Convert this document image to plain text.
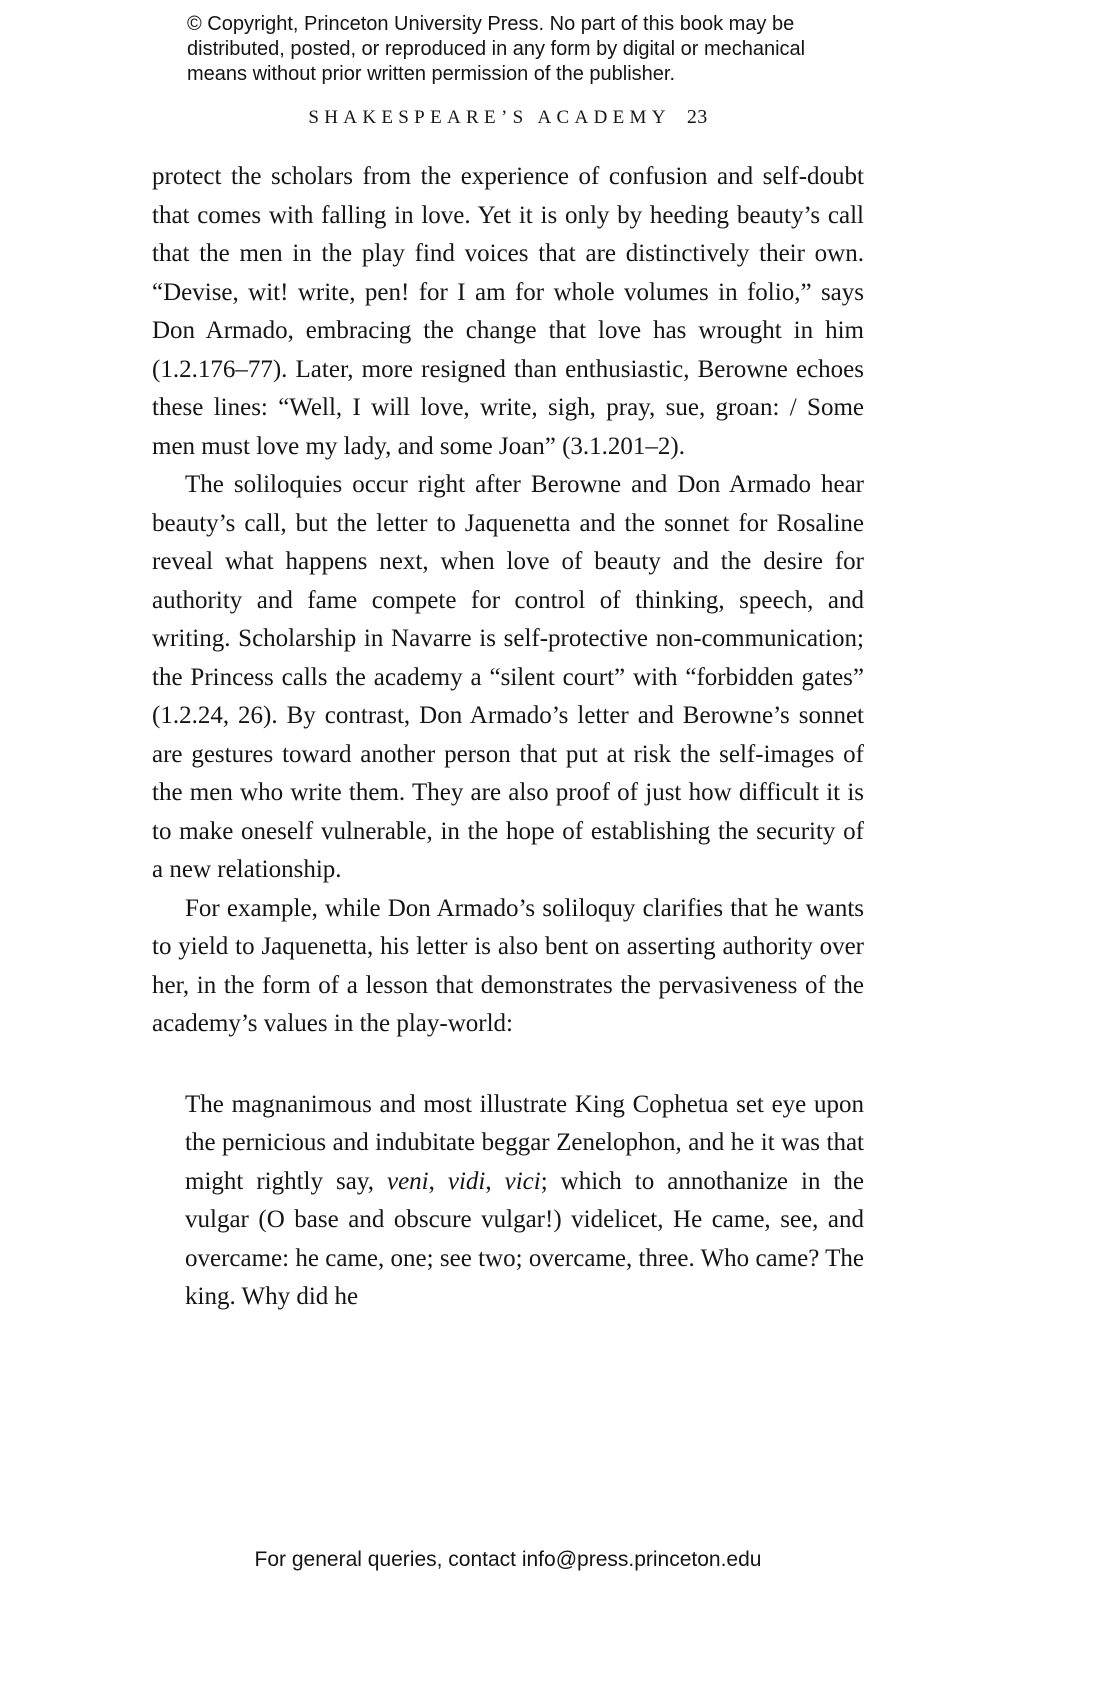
© Copyright, Princeton University Press. No part of this book may be
distributed, posted, or reproduced in any form by digital or mechanical
means without prior written permission of the publisher.
SHAKESPEARE’S ACADEMY 23

protect the scholars from the experience of confusion and self-doubt that comes with falling in love. Yet it is only by heeding beauty’s call that the men in the play find voices that are distinctively their own. “Devise, wit! write, pen! for I am for whole volumes in folio,” says Don Armado, embracing the change that love has wrought in him (1.2.176–77). Later, more resigned than enthusiastic, Berowne echoes these lines: “Well, I will love, write, sigh, pray, sue, groan: / Some men must love my lady, and some Joan” (3.1.201–2).

The soliloquies occur right after Berowne and Don Armado hear beauty’s call, but the letter to Jaquenetta and the sonnet for Rosaline reveal what happens next, when love of beauty and the desire for authority and fame compete for control of thinking, speech, and writing. Scholarship in Navarre is self-protective non-communication; the Princess calls the academy a “silent court” with “forbidden gates” (1.2.24, 26). By contrast, Don Armado’s letter and Berowne’s sonnet are gestures toward another person that put at risk the self-images of the men who write them. They are also proof of just how difficult it is to make oneself vulnerable, in the hope of establishing the security of a new relationship.

For example, while Don Armado’s soliloquy clarifies that he wants to yield to Jaquenetta, his letter is also bent on asserting authority over her, in the form of a lesson that demonstrates the pervasiveness of the academy’s values in the play-world:

The magnanimous and most illustrate King Cophetua set eye upon the pernicious and indubitate beggar Zenelophon, and he it was that might rightly say, veni, vidi, vici; which to annothanize in the vulgar (O base and obscure vulgar!) videlicet, He came, see, and overcame: he came, one; see two; overcame, three. Who came? The king. Why did he
For general queries, contact info@press.princeton.edu
